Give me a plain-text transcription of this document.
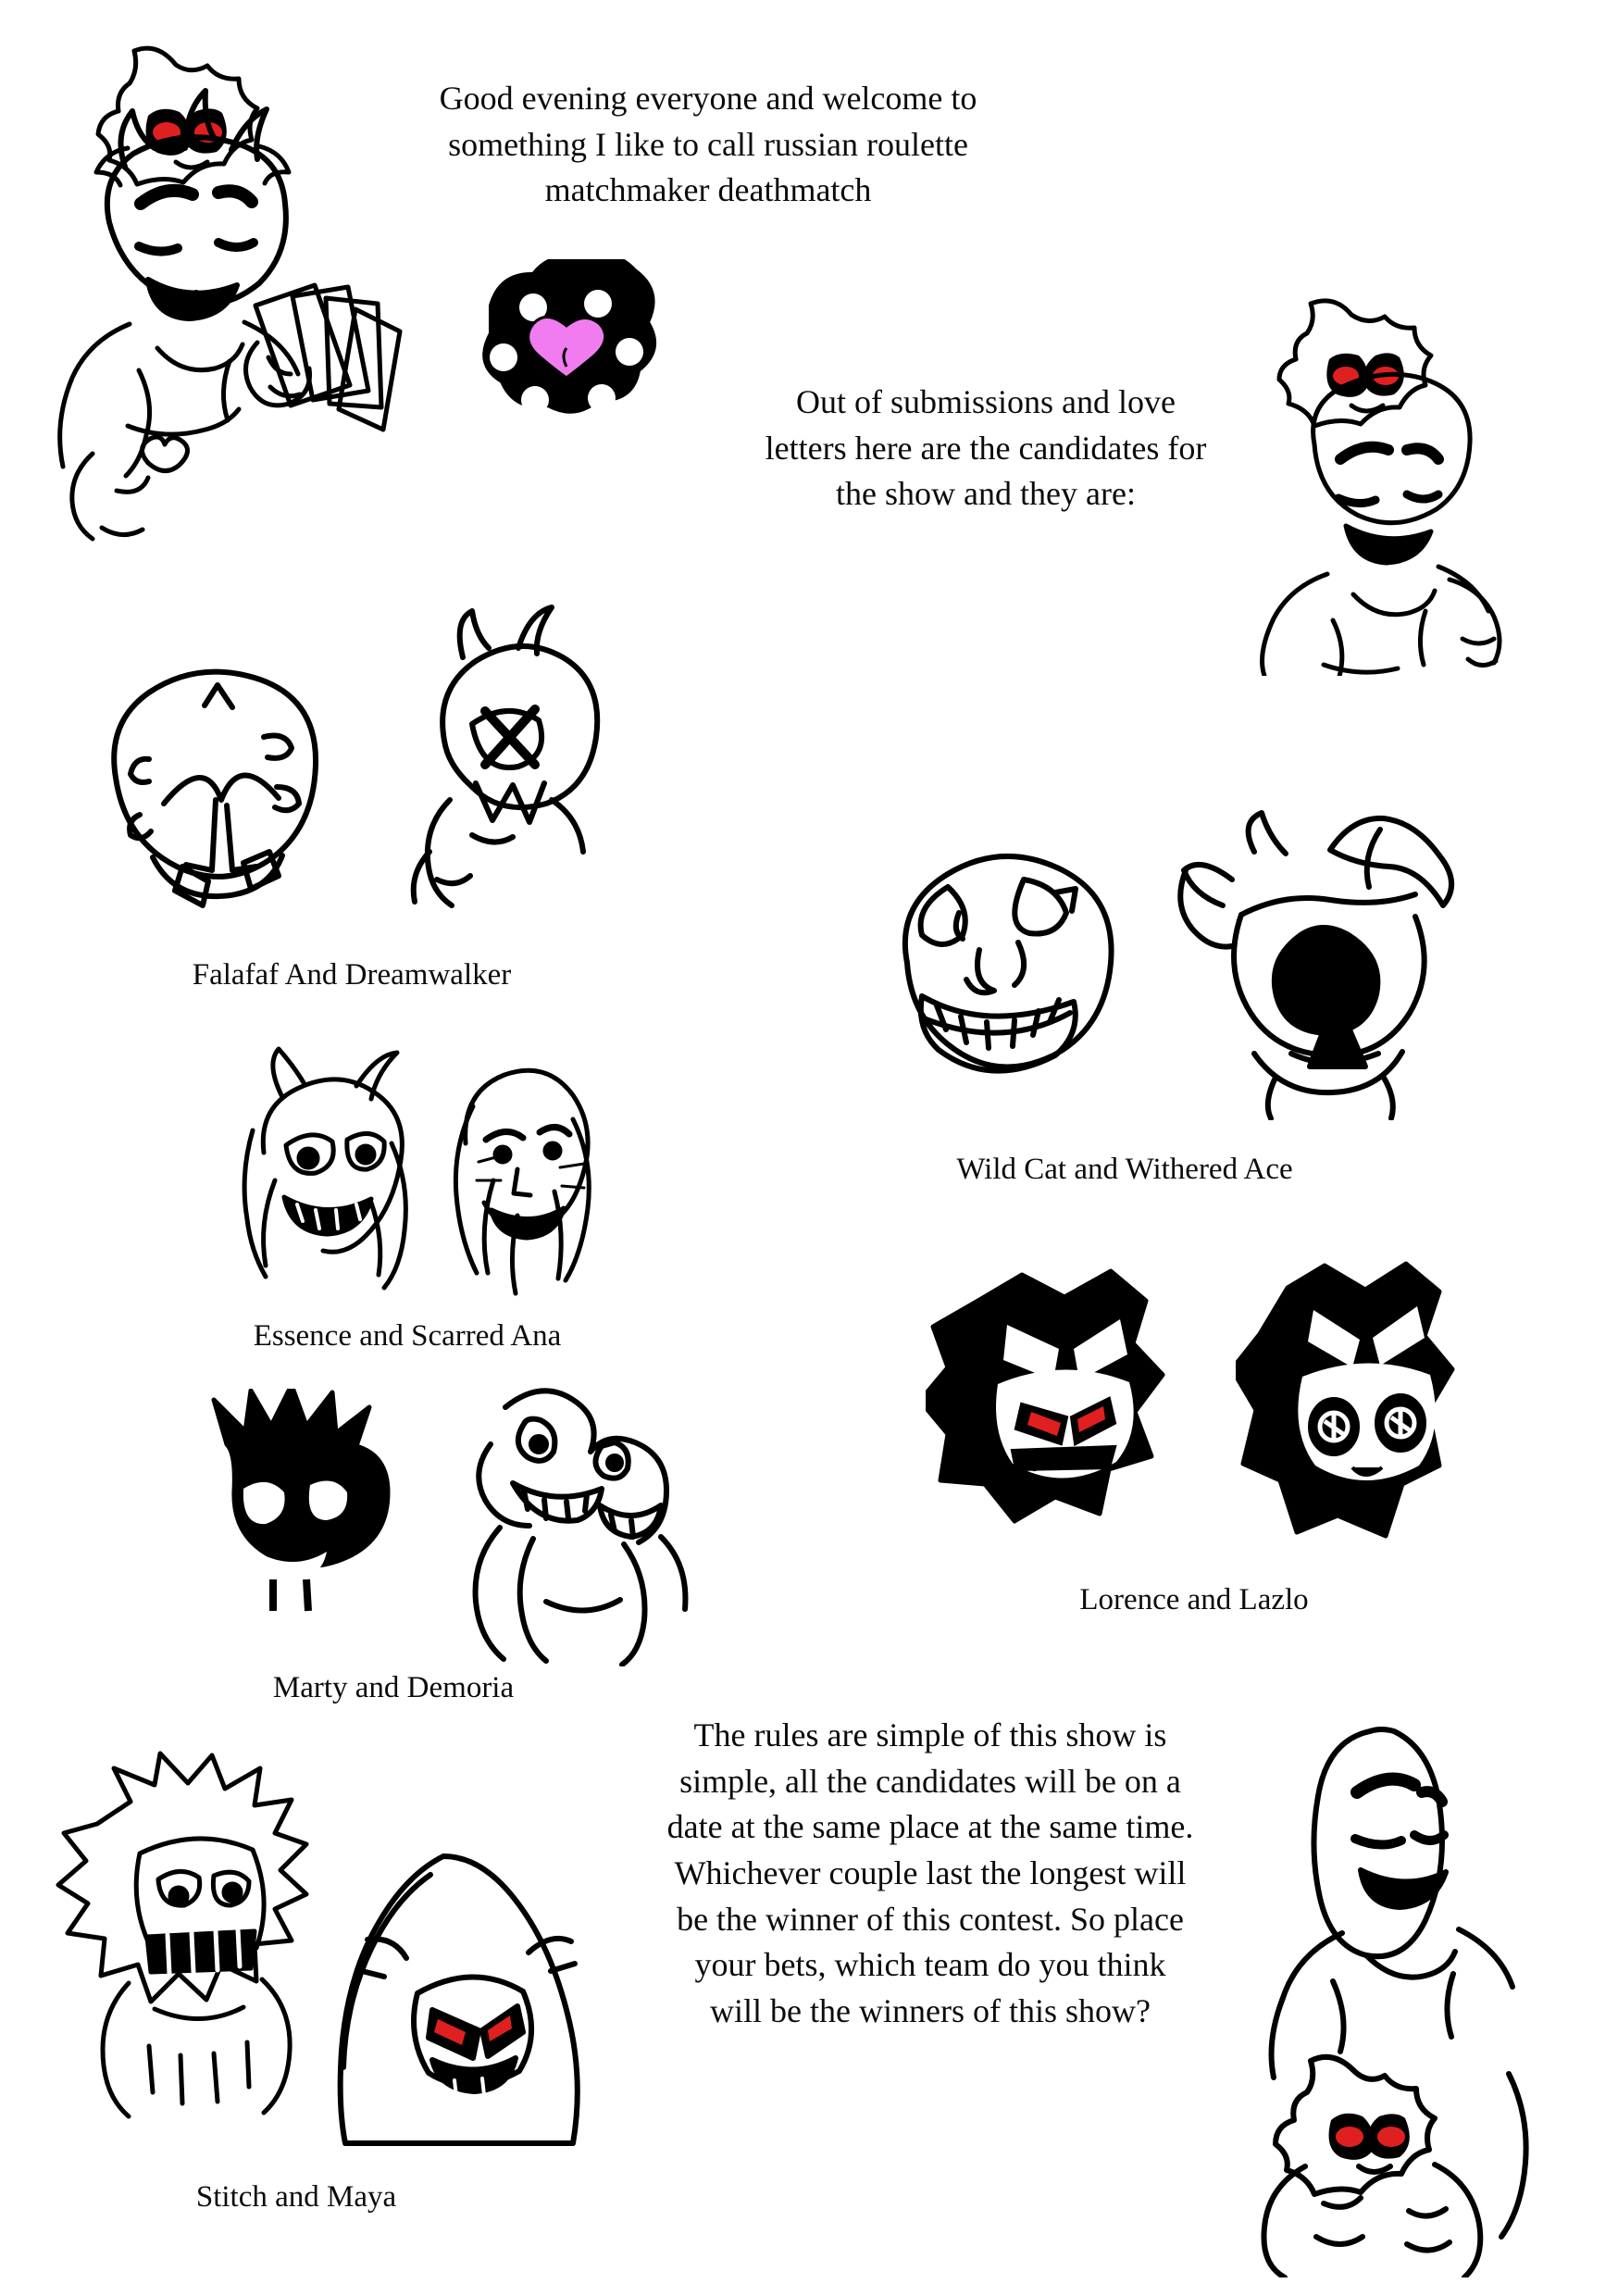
Good evening everyone and welcome to something I like to call russian roulette matchmaker deathmatch
Out of submissions and love letters here are the candidates for the show and they are:
Falafaf And Dreamwalker
Essence and Scarred Ana
Wild Cat and Withered Ace
Marty and Demoria
Lorence and Lazlo
Stitch and Maya
The rules are simple of this show is simple, all the candidates will be on a date at the same place at the same time. Whichever couple last the longest will be the winner of this contest. So place your bets, which team do you think will be the winners of this show?
